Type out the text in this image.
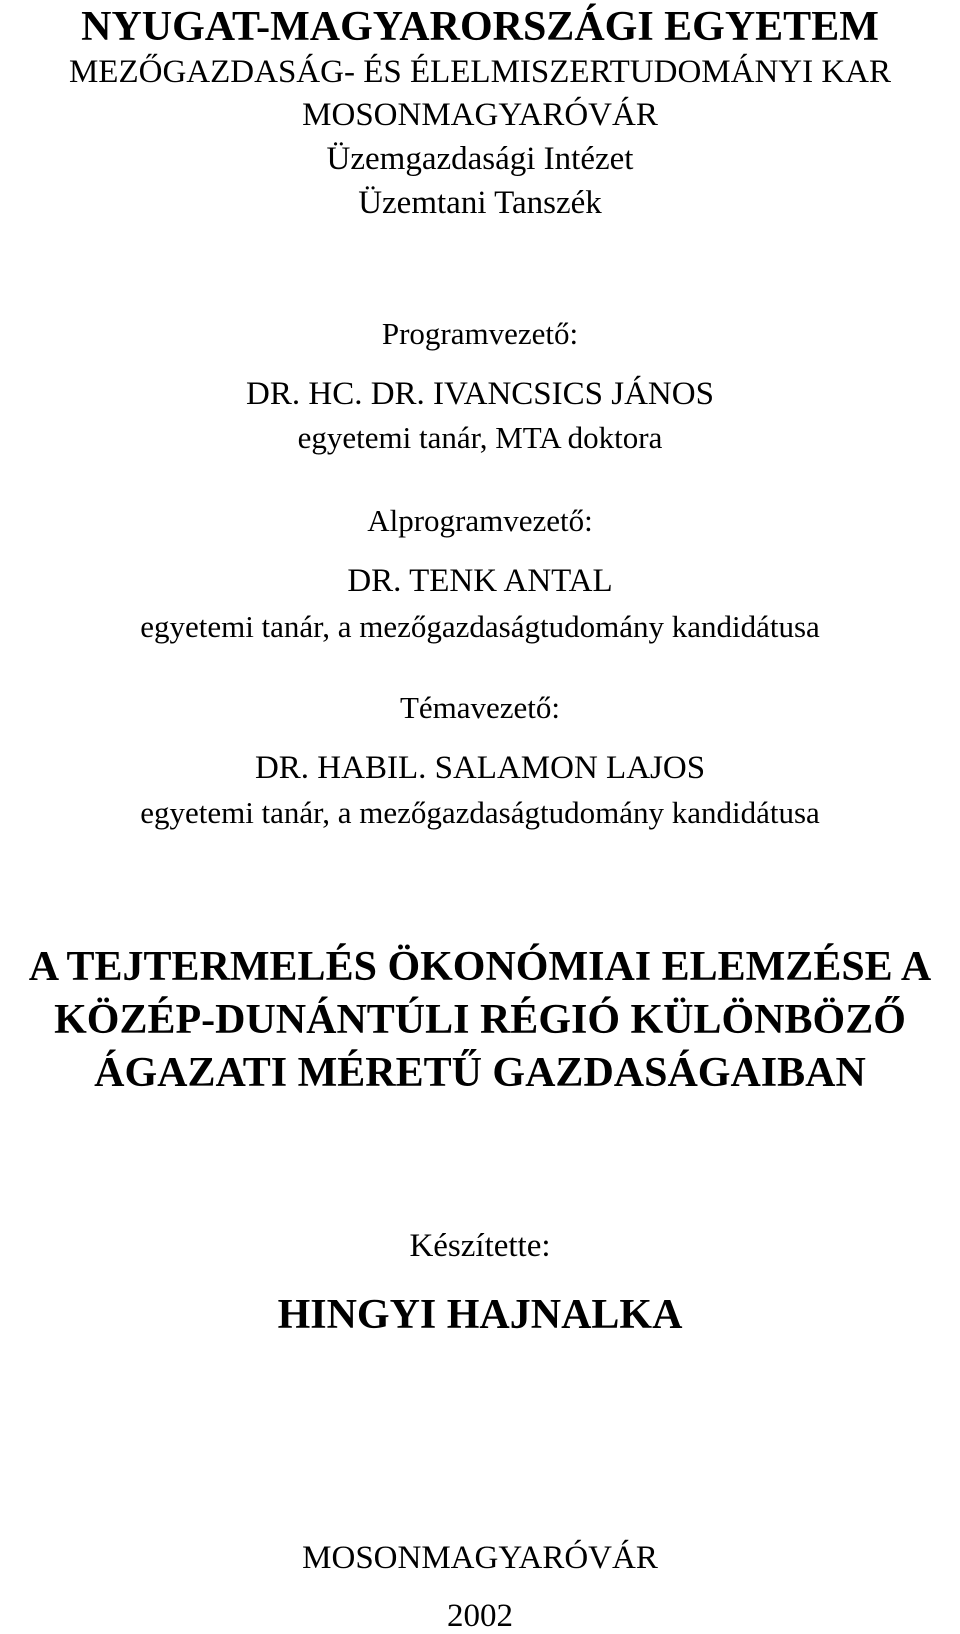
NYUGAT-MAGYARORSZÁGI EGYETEM
MEZŐGAZDASÁG- ÉS ÉLELMISZERTUDOMÁNYI KAR
MOSONMAGYARÓVÁR
Üzemgazdasági Intézet
Üzemtani Tanszék
Programvezető:
DR. HC. DR. IVANCSICS JÁNOS
egyetemi tanár, MTA doktora
Alprogramvezető:
DR. TENK ANTAL
egyetemi tanár, a mezőgazdaságtudomány kandidátusa
Témavezető:
DR. HABIL. SALAMON LAJOS
egyetemi tanár, a mezőgazdaságtudomány kandidátusa
A TEJTERMELÉS ÖKONÓMIAI ELEMZÉSE A
KÖZÉP-DUNÁNTÚLI RÉGIÓ KÜLÖNBÖZŐ
ÁGAZATI MÉRETŰ GAZDASÁGAIBAN
Készítette:
HINGYI HAJNALKA
MOSONMAGYARÓVÁR
2002
